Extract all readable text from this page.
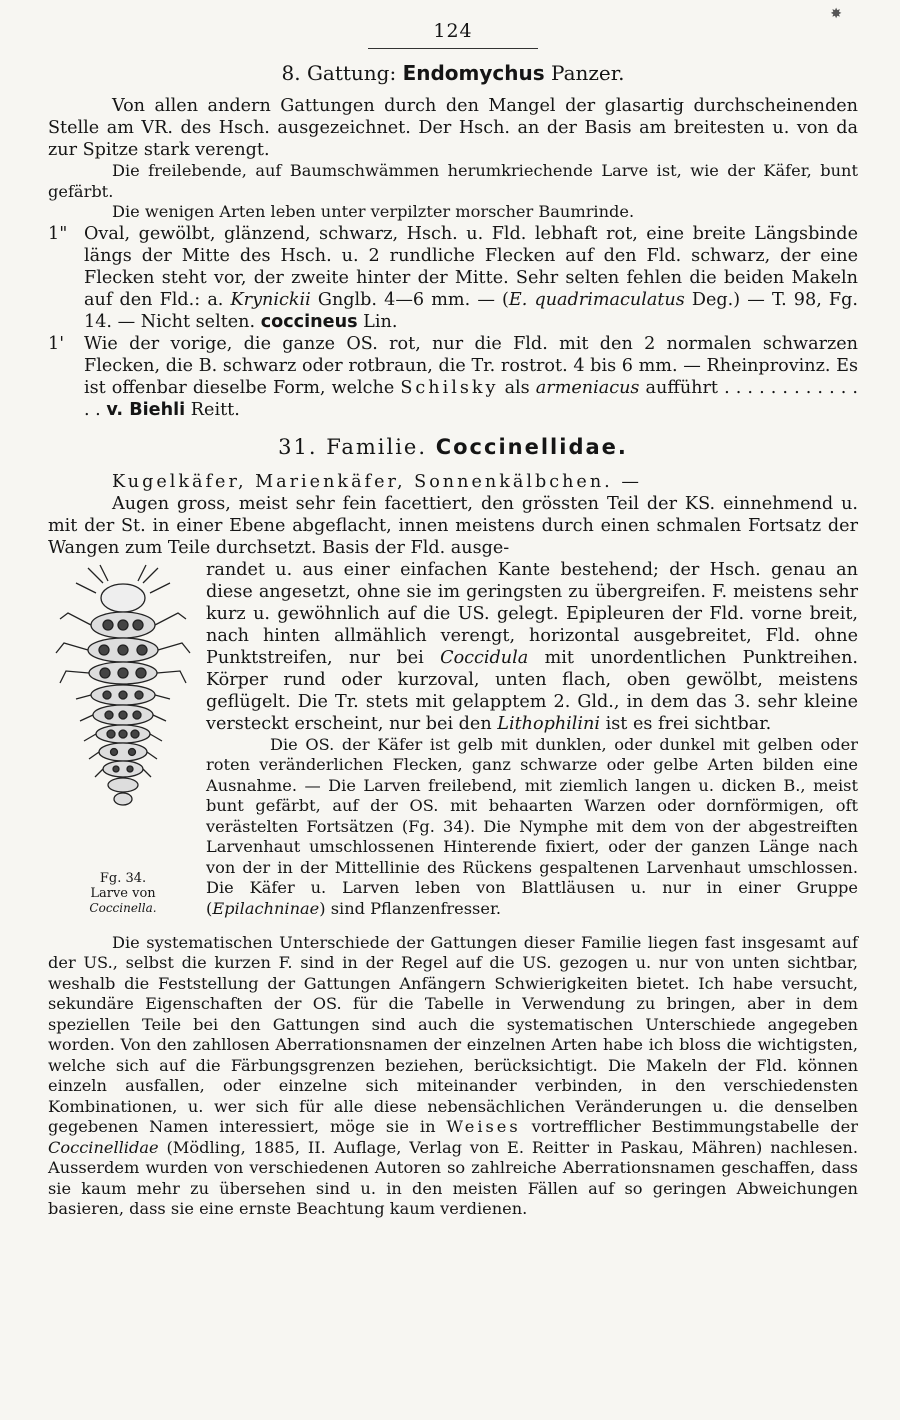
✸
124
8. Gattung: Endomychus Panzer.

Von allen andern Gattungen durch den Mangel der glasartig durchscheinenden Stelle am VR. des Hsch. ausgezeichnet. Der Hsch. an der Basis am breitesten u. von da zur Spitze stark verengt.

Die freilebende, auf Baumschwämmen herumkriechende Larve ist, wie der Käfer, bunt gefärbt.

Die wenigen Arten leben unter verpilzter morscher Baumrinde.

1" Oval, gewölbt, glänzend, schwarz, Hsch. u. Fld. lebhaft rot, eine breite Längsbinde längs der Mitte des Hsch. u. 2 rundliche Flecken auf den Fld. schwarz, der eine Flecken steht vor, der zweite hinter der Mitte. Sehr selten fehlen die beiden Makeln auf den Fld.: a. Krynickii Gnglb. 4—6 mm. — (E. quadrimaculatus Deg.) — T. 98, Fg. 14. — Nicht selten. coccineus Lin.

1' Wie der vorige, die ganze OS. rot, nur die Fld. mit den 2 normalen schwarzen Flecken, die B. schwarz oder rotbraun, die Tr. rostrot. 4 bis 6 mm. — Rheinprovinz. Es ist offenbar dieselbe Form, welche Schilsky als armeniacus aufführt . . . . . . . . . . . . . . v. Biehli Reitt.

31. Familie. Coccinellidae.

Kugelkäfer, Marienkäfer, Sonnenkälbchen. —

Augen gross, meist sehr fein facettiert, den grössten Teil der KS. einnehmend u. mit der St. in einer Ebene abgeflacht, innen meistens durch einen schmalen Fortsatz der Wangen zum Teile durchsetzt. Basis der Fld. ausge-

Fg. 34.
Larve von
Coccinella.

randet u. aus einer einfachen Kante bestehend; der Hsch. genau an diese angesetzt, ohne sie im geringsten zu übergreifen. F. meistens sehr kurz u. gewöhnlich auf die US. gelegt. Epipleuren der Fld. vorne breit, nach hinten allmählich verengt, horizontal ausgebreitet, Fld. ohne Punktstreifen, nur bei Coccidula mit unordentlichen Punktreihen. Körper rund oder kurzoval, unten flach, oben gewölbt, meistens geflügelt. Die Tr. stets mit gelapptem 2. Gld., in dem das 3. sehr kleine versteckt erscheint, nur bei den Lithophilini ist es frei sichtbar.

Die OS. der Käfer ist gelb mit dunklen, oder dunkel mit gelben oder roten veränderlichen Flecken, ganz schwarze oder gelbe Arten bilden eine Ausnahme. — Die Larven freilebend, mit ziemlich langen u. dicken B., meist bunt gefärbt, auf der OS. mit behaarten Warzen oder dornförmigen, oft verästelten Fortsätzen (Fg. 34). Die Nymphe mit dem von der abgestreiften Larvenhaut umschlossenen Hinterende fixiert, oder der ganzen Länge nach von der in der Mittellinie des Rückens gespaltenen Larvenhaut umschlossen. Die Käfer u. Larven leben von Blattläusen u. nur in einer Gruppe (Epilachninae) sind Pflanzenfresser.

Die systematischen Unterschiede der Gattungen dieser Familie liegen fast insgesamt auf der US., selbst die kurzen F. sind in der Regel auf die US. gezogen u. nur von unten sichtbar, weshalb die Feststellung der Gattungen Anfängern Schwierigkeiten bietet. Ich habe versucht, sekundäre Eigenschaften der OS. für die Tabelle in Verwendung zu bringen, aber in dem speziellen Teile bei den Gattungen sind auch die systematischen Unterschiede angegeben worden. Von den zahllosen Aberrationsnamen der einzelnen Arten habe ich bloss die wichtigsten, welche sich auf die Färbungsgrenzen beziehen, berücksichtigt. Die Makeln der Fld. können einzeln ausfallen, oder einzelne sich miteinander verbinden, in den verschiedensten Kombinationen, u. wer sich für alle diese nebensächlichen Veränderungen u. die denselben gegebenen Namen interessiert, möge sie in Weises vortrefflicher Bestimmungstabelle der Coccinellidae (Mödling, 1885, II. Auflage, Verlag von E. Reitter in Paskau, Mähren) nachlesen. Ausserdem wurden von verschiedenen Autoren so zahlreiche Aberrationsnamen geschaffen, dass sie kaum mehr zu übersehen sind u. in den meisten Fällen auf so geringen Abweichungen basieren, dass sie eine ernste Beachtung kaum verdienen.
